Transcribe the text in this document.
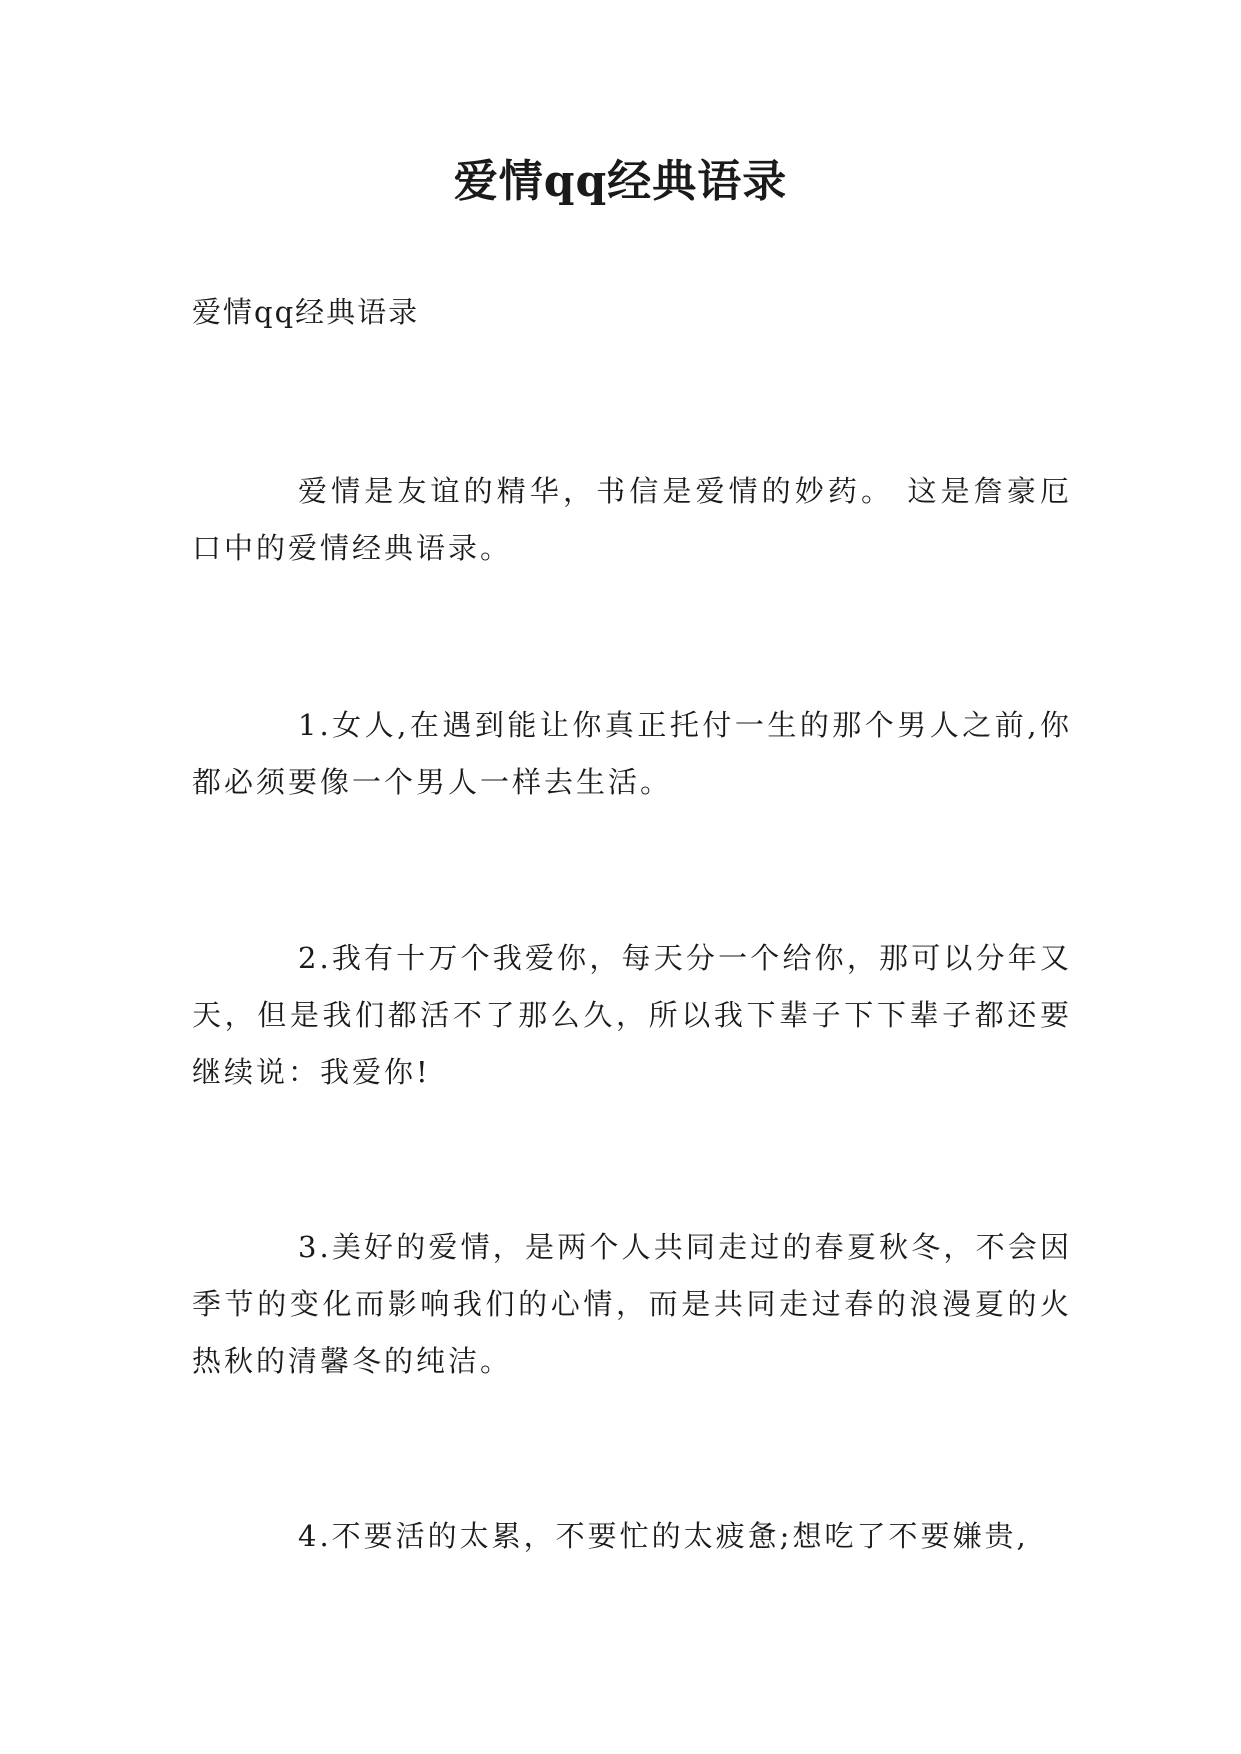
爱情qq经典语录

爱情qq经典语录

爱情是友谊的精华，书信是爱情的妙药。 这是詹豪厄口中的爱情经典语录。

1.女人,在遇到能让你真正托付一生的那个男人之前,你都必须要像一个男人一样去生活。

2.我有十万个我爱你，每天分一个给你，那可以分年又天，但是我们都活不了那么久，所以我下辈子下下辈子都还要继续说：我爱你!

3.美好的爱情，是两个人共同走过的春夏秋冬，不会因季节的变化而影响我们的心情，而是共同走过春的浪漫夏的火热秋的清馨冬的纯洁。

4.不要活的太累，不要忙的太疲惫;想吃了不要嫌贵,
